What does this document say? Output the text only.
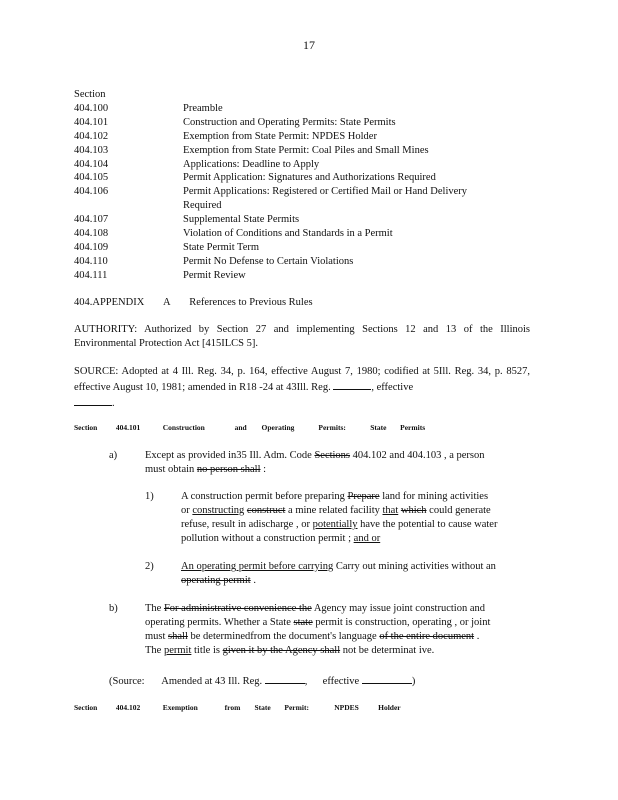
17
Section
404.100	Preamble
404.101	Construction and Operating Permits: State Permits
404.102	Exemption from State Permit: NPDES Holder
404.103	Exemption from State Permit: Coal Piles and Small Mines
404.104	Applications: Deadline to Apply
404.105	Permit Application: Signatures and Authorizations Required
404.106	Permit Applications: Registered or Certified Mail or Hand Delivery Required
404.107	Supplemental State Permits
404.108	Violation of Conditions and Standards in a Permit
404.109	State Permit Term
404.110	Permit No Defense to Certain Violations
404.111	Permit Review
404.APPENDIX A References to Previous Rules
AUTHORITY: Authorized by Section 27 and implementing Sections 12 and 13 of the Illinois Environmental Protection Act [415ILCS 5].
SOURCE: Adopted at 4 Ill. Reg. 34, p. 164, effective August 7, 1980; codified at 5Ill. Reg. 34, p. 8527, effective August 10, 1981; amended in R18 -24 at 43Ill. Reg.	, effective
.
Section 404.101	Construction	and Operating	Permits:	State Permits
a)	Except as provided in35 Ill. Adm. Code Sections 404.102 and 404.103 , a person
must obtain no person shall :
1)	A construction permit before preparing Prepare land for mining activities
or constructing construct a mine related facility that which could generate
refuse, result in adischarge , or potentially have the potential to cause water
pollution without a construction permit ; and or
2)	An operating permit before carrying Carry out mining activities without an
operating permit .
b)	The For administrative convenience the Agency may issue joint construction and
operating permits. Whether a State state permit is construction, operating , or joint
must shall be determinedfrom the document's language of the entire document .
The permit title is given it by the Agency shall not be determinat ive.
(Source: Amended at 43 Ill. Reg.	,  effective	)
Section 404.102	Exemption	from State Permit:	NPDES	Holder
